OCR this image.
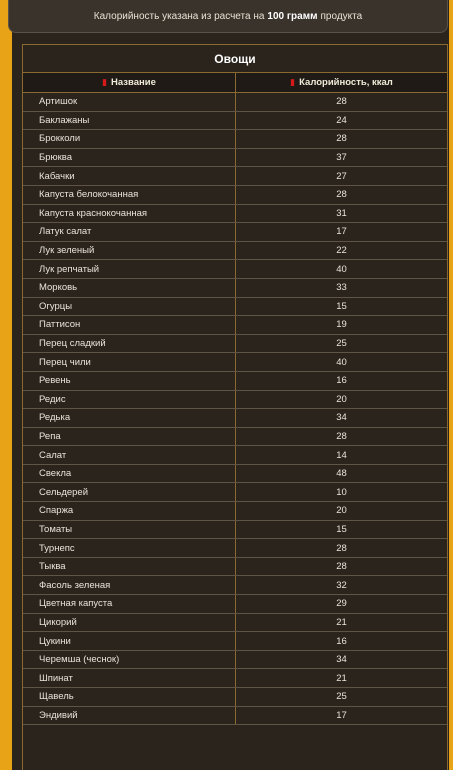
Калорийность указана из расчета на 100 грамм продукта
Овощи
▮ Название	▮ Калорийность, ккал
Артишок	28
Баклажаны	24
Брокколи	28
Брюква	37
Кабачки	27
Капуста белокочанная	28
Капуста краснокочанная	31
Латук салат	17
Лук зеленый	22
Лук репчатый	40
Морковь	33
Огурцы	15
Паттисон	19
Перец сладкий	25
Перец чили	40
Ревень	16
Редис	20
Редька	34
Репа	28
Салат	14
Свекла	48
Сельдерей	10
Спаржа	20
Томаты	15
Турнепс	28
Тыква	28
Фасоль зеленая	32
Цветная капуста	29
Цикорий	21
Цукини	16
Черемша (чеснок)	34
Шпинат	21
Щавель	25
Эндивий	17
